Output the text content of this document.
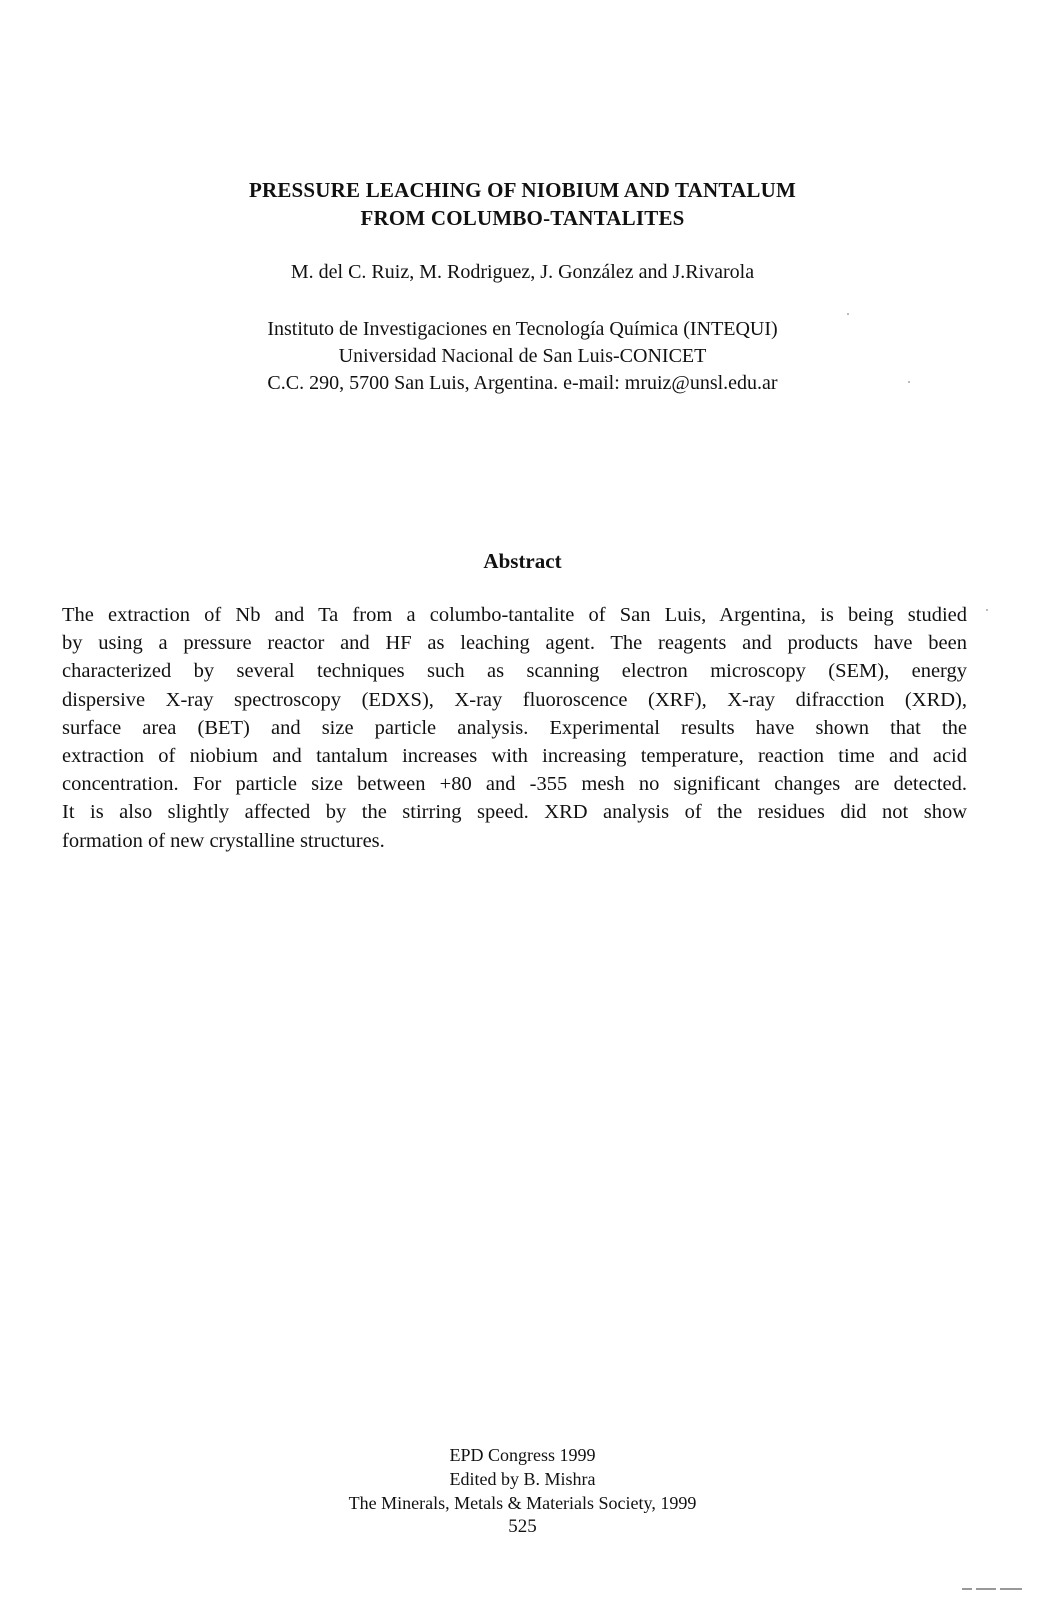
PRESSURE LEACHING OF NIOBIUM AND TANTALUM
FROM COLUMBO-TANTALITES
M. del C. Ruiz, M. Rodriguez, J. González and J.Rivarola
Instituto de Investigaciones en Tecnología Química (INTEQUI)
Universidad Nacional de San Luis-CONICET
C.C. 290, 5700 San Luis, Argentina. e-mail: mruiz@unsl.edu.ar
Abstract
The extraction of Nb and Ta from a columbo-tantalite of San Luis, Argentina, is being studied
by using a pressure reactor and HF as leaching agent. The reagents and products have been
characterized by several techniques such as scanning electron microscopy (SEM), energy
dispersive X-ray spectroscopy (EDXS), X-ray fluoroscence (XRF), X-ray difracction (XRD),
surface area (BET) and size particle analysis. Experimental results have shown that the
extraction of niobium and tantalum increases with increasing temperature, reaction time and acid
concentration. For particle size between +80 and -355 mesh no significant changes are detected.
It is also slightly affected by the stirring speed. XRD analysis of the residues did not show
formation of new crystalline structures.
EPD Congress 1999
Edited by B. Mishra
The Minerals, Metals & Materials Society, 1999
525
